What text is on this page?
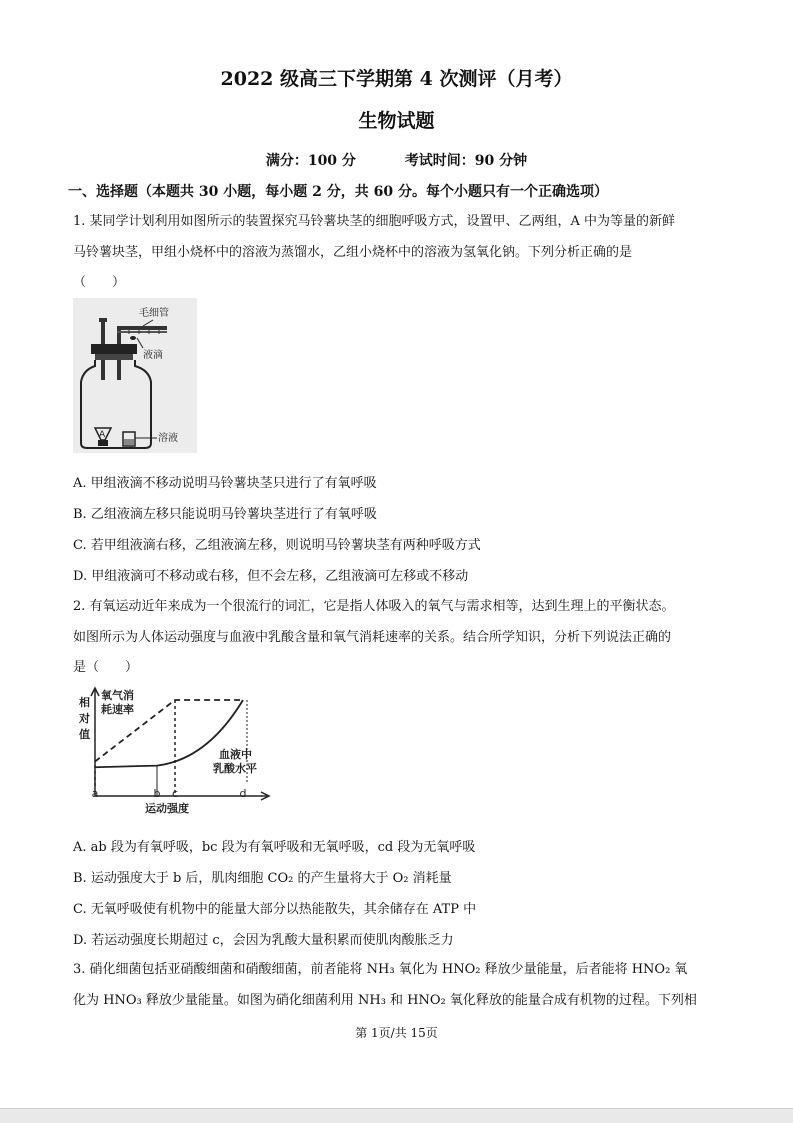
2022 级高三下学期第 4 次测评（月考）
生物试题
满分：100 分	考试时间：90 分钟
一、选择题（本题共 30 小题，每小题 2 分，共 60 分。每个小题只有一个正确选项）
1. 某同学计划利用如图所示的装置探究马铃薯块茎的细胞呼吸方式，设置甲、乙两组，A 中为等量的新鲜
马铃薯块茎，甲组小烧杯中的溶液为蒸馏水，乙组小烧杯中的溶液为氢氧化钠。下列分析正确的是
（　　）
A
毛细管
液滴
溶液
A. 甲组液滴不移动说明马铃薯块茎只进行了有氧呼吸
B. 乙组液滴左移只能说明马铃薯块茎进行了有氧呼吸
C. 若甲组液滴右移，乙组液滴左移，则说明马铃薯块茎有两种呼吸方式
D. 甲组液滴可不移动或右移，但不会左移，乙组液滴可左移或不移动
2. 有氧运动近年来成为一个很流行的词汇，它是指人体吸入的氧气与需求相等，达到生理上的平衡状态。
如图所示为人体运动强度与血液中乳酸含量和氧气消耗速率的关系。结合所学知识，分析下列说法正确的
是（　　）
相
对
值
氧气消
耗速率
血液中
乳酸水平
a	b c	d
运动强度
A. ab 段为有氧呼吸，bc 段为有氧呼吸和无氧呼吸，cd 段为无氧呼吸
B. 运动强度大于 b 后，肌肉细胞 CO₂ 的产生量将大于 O₂ 消耗量
C. 无氧呼吸使有机物中的能量大部分以热能散失，其余储存在 ATP 中
D. 若运动强度长期超过 c，会因为乳酸大量积累而使肌肉酸胀乏力
3. 硝化细菌包括亚硝酸细菌和硝酸细菌，前者能将 NH₃ 氧化为 HNO₂ 释放少量能量，后者能将 HNO₂ 氧
化为 HNO₃ 释放少量能量。如图为硝化细菌利用 NH₃ 和 HNO₂ 氧化释放的能量合成有机物的过程。下列相
第 1页/共 15页
